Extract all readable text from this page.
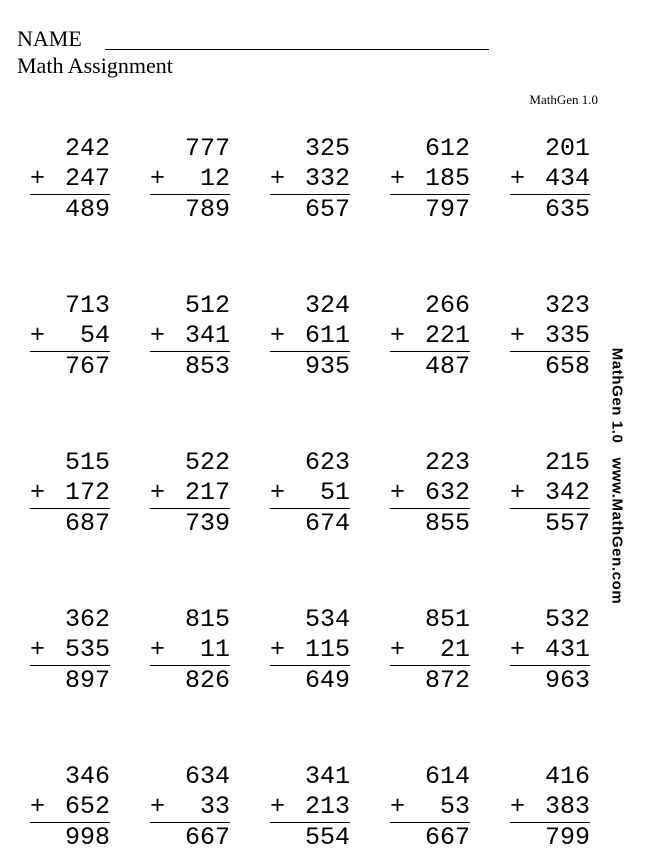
NAME
Math Assignment
MathGen 1.0
MathGen 1.0www.MathGen.com
242
+ 247
489
777
+ 12
789
325
+ 332
657
612
+ 185
797
201
+ 434
635
713
+ 54
767
512
+ 341
853
324
+ 611
935
266
+ 221
487
323
+ 335
658
515
+ 172
687
522
+ 217
739
623
+ 51
674
223
+ 632
855
215
+ 342
557
362
+ 535
897
815
+ 11
826
534
+ 115
649
851
+ 21
872
532
+ 431
963
346
+ 652
998
634
+ 33
667
341
+ 213
554
614
+ 53
667
416
+ 383
799
